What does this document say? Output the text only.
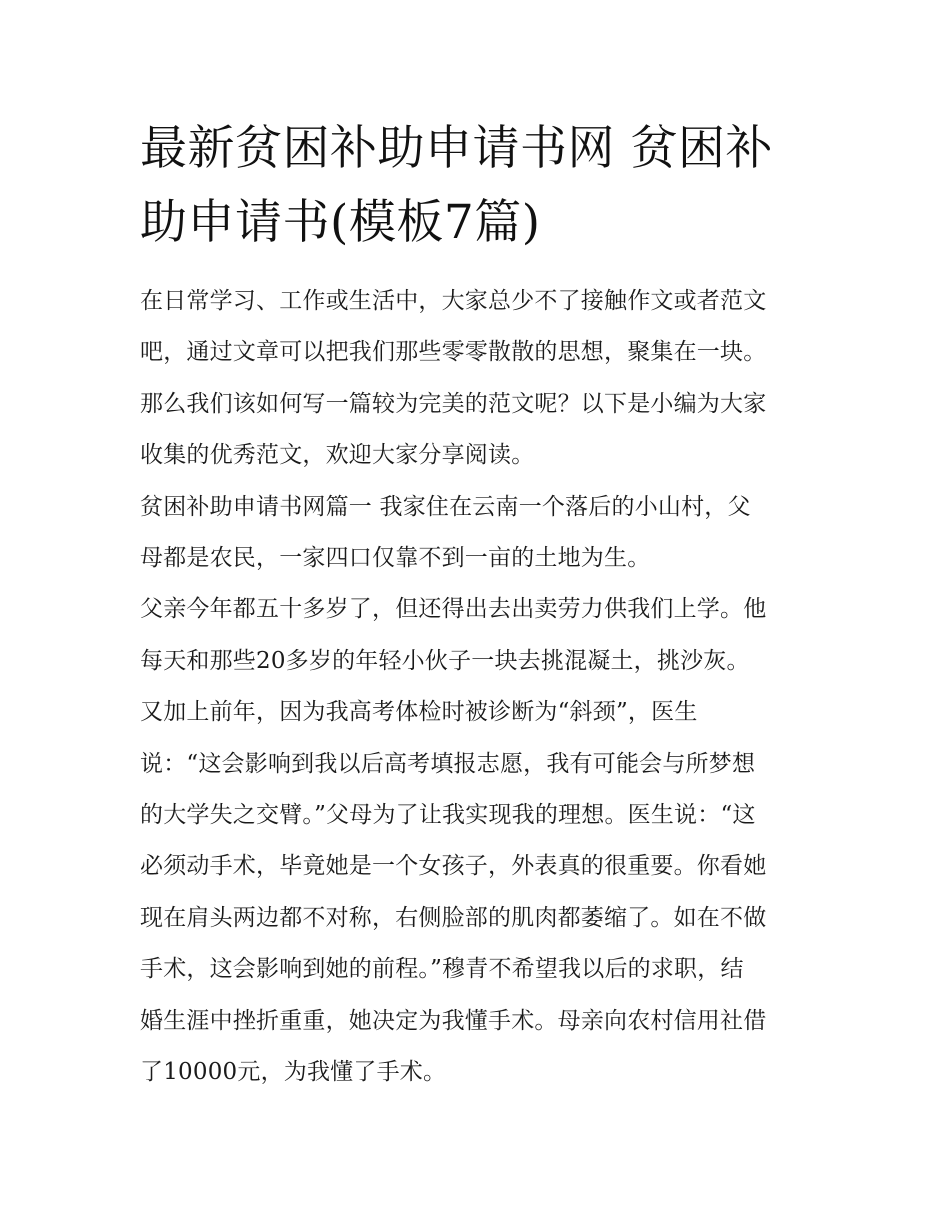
最新贫困补助申请书网 贫困补
助申请书(模板7篇)

在日常学习、工作或生活中，大家总少不了接触作文或者范文
吧，通过文章可以把我们那些零零散散的思想，聚集在一块。
那么我们该如何写一篇较为完美的范文呢？以下是小编为大家
收集的优秀范文，欢迎大家分享阅读。

贫困补助申请书网篇一 我家住在云南一个落后的小山村，父
母都是农民，一家四口仅靠不到一亩的土地为生。

父亲今年都五十多岁了，但还得出去出卖劳力供我们上学。他
每天和那些20多岁的年轻小伙子一块去挑混凝土，挑沙灰。
又加上前年，因为我高考体检时被诊断为“斜颈”，医生
说：“这会影响到我以后高考填报志愿，我有可能会与所梦想
的大学失之交臂。”父母为了让我实现我的理想。医生说：“这
必须动手术，毕竟她是一个女孩子，外表真的很重要。你看她
现在肩头两边都不对称，右侧脸部的肌肉都萎缩了。如在不做
手术，这会影响到她的前程。”穆青不希望我以后的求职，结
婚生涯中挫折重重，她决定为我懂手术。母亲向农村信用社借
了10000元，为我懂了手术。
